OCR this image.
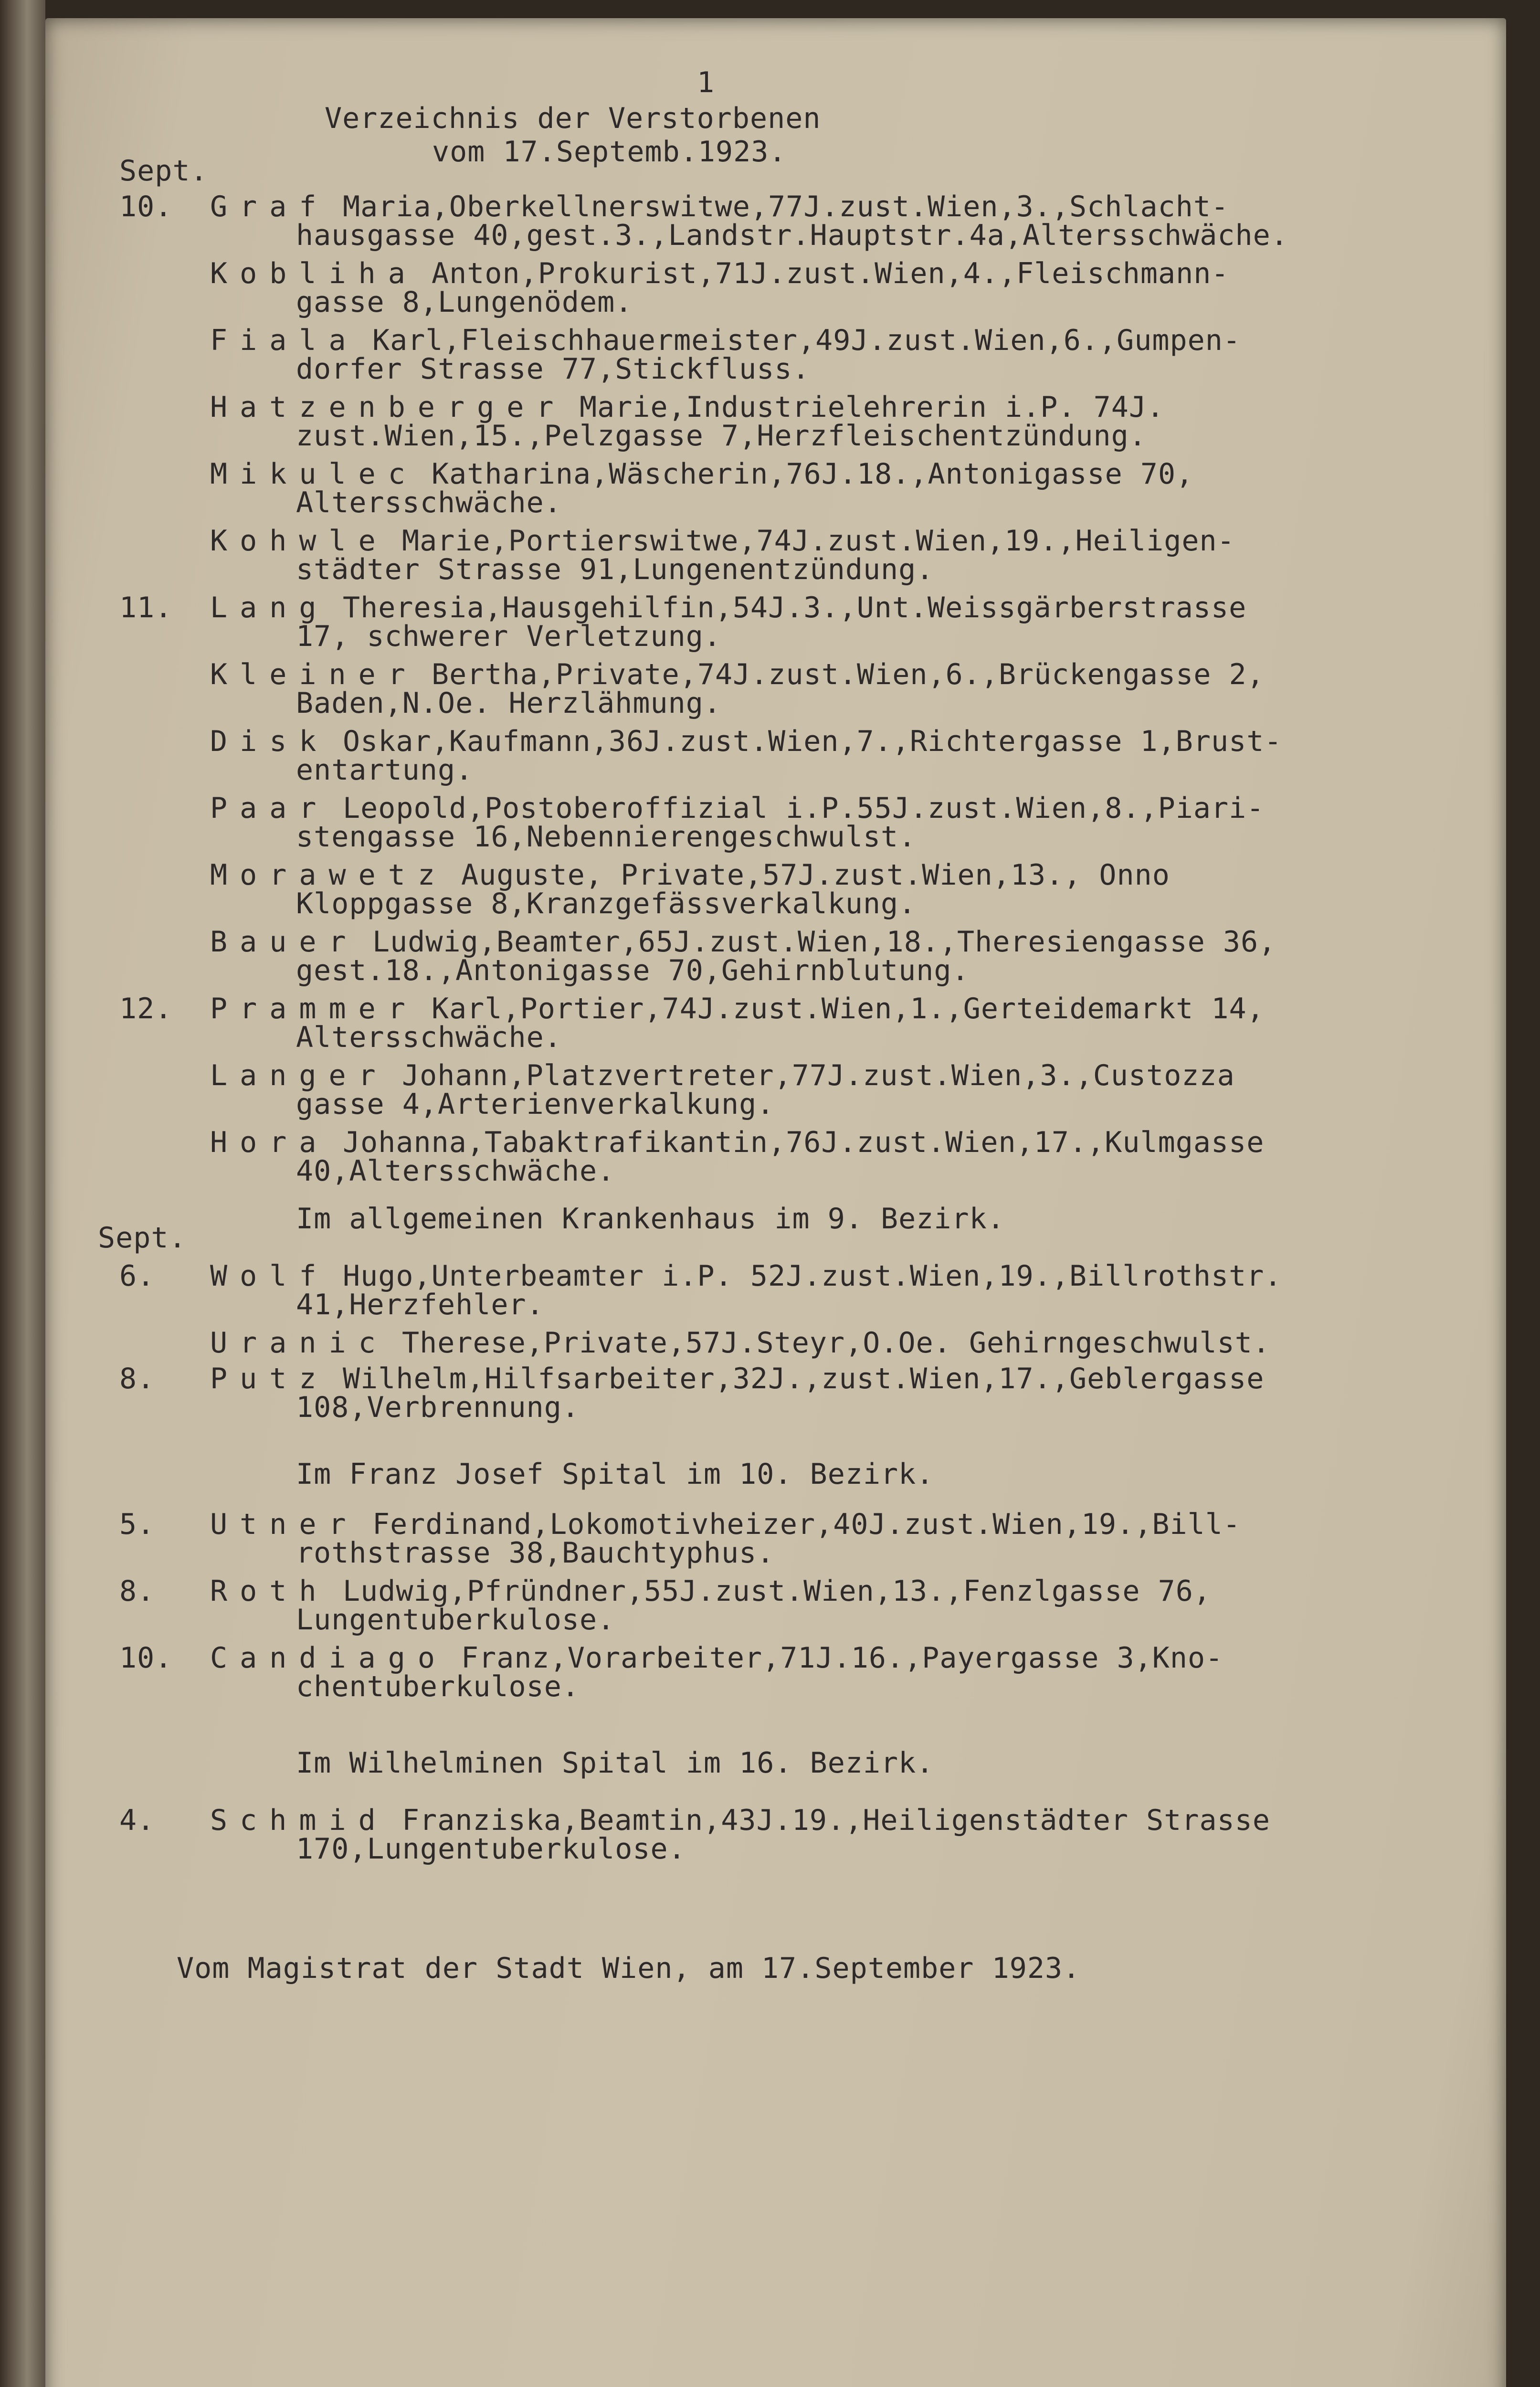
1
Verzeichnis der Verstorbenen
vom 17.Septemb.1923.
Sept.
10. Graf Maria,Oberkellnerswitwe,77J.zust.Wien,3.,Schlacht-
hausgasse 40,gest.3.,Landstr.Hauptstr.4a,Altersschwäche.
Kobliha Anton,Prokurist,71J.zust.Wien,4.,Fleischmann-
gasse 8,Lungenödem.
Fiala Karl,Fleischhauermeister,49J.zust.Wien,6.,Gumpen-
dorfer Strasse 77,Stickfluss.
Hatzenberger Marie,Industrielehrerin i.P. 74J.
zust.Wien,15.,Pelzgasse 7,Herzfleischentzündung.
Mikulec Katharina,Wäscherin,76J.18.,Antonigasse 70,
Altersschwäche.
Kohwle Marie,Portierswitwe,74J.zust.Wien,19.,Heiligen-
städter Strasse 91,Lungenentzündung.
11. Lang Theresia,Hausgehilfin,54J.3.,Unt.Weissgärberstrasse
17, schwerer Verletzung.
Kleiner Bertha,Private,74J.zust.Wien,6.,Brückengasse 2,
Baden,N.Oe. Herzlähmung.
Disk Oskar,Kaufmann,36J.zust.Wien,7.,Richtergasse 1,Brust-
entartung.
Paar Leopold,Postoberoffizial i.P.55J.zust.Wien,8.,Piari-
stengasse 16,Nebennierengeschwulst.
Morawetz Auguste, Private,57J.zust.Wien,13., Onno
Kloppgasse 8,Kranzgefässverkalkung.
Bauer Ludwig,Beamter,65J.zust.Wien,18.,Theresiengasse 36,
gest.18.,Antonigasse 70,Gehirnblutung.
12. Prammer Karl,Portier,74J.zust.Wien,1.,Gerteidemarkt 14,
Altersschwäche.
Langer Johann,Platzvertreter,77J.zust.Wien,3.,Custozza
gasse 4,Arterienverkalkung.
Hora Johanna,Tabaktrafikantin,76J.zust.Wien,17.,Kulmgasse
40,Altersschwäche.
Im allgemeinen Krankenhaus im 9. Bezirk.
Sept.
6. Wolf Hugo,Unterbeamter i.P. 52J.zust.Wien,19.,Billrothstr.
41,Herzfehler.
Uranic Therese,Private,57J.Steyr,O.Oe. Gehirngeschwulst.
8. Putz Wilhelm,Hilfsarbeiter,32J.,zust.Wien,17.,Geblergasse
108,Verbrennung.
Im Franz Josef Spital im 10. Bezirk.
5. Utner Ferdinand,Lokomotivheizer,40J.zust.Wien,19.,Bill-
rothstrasse 38,Bauchtyphus.
8. Roth Ludwig,Pfründner,55J.zust.Wien,13.,Fenzlgasse 76,
Lungentuberkulose.
10. Candiago Franz,Vorarbeiter,71J.16.,Payergasse 3,Kno-
chentuberkulose.
Im Wilhelminen Spital im 16. Bezirk.
4. Schmid Franziska,Beamtin,43J.19.,Heiligenstädter Strasse
170,Lungentuberkulose.
Vom Magistrat der Stadt Wien, am 17.September 1923.
